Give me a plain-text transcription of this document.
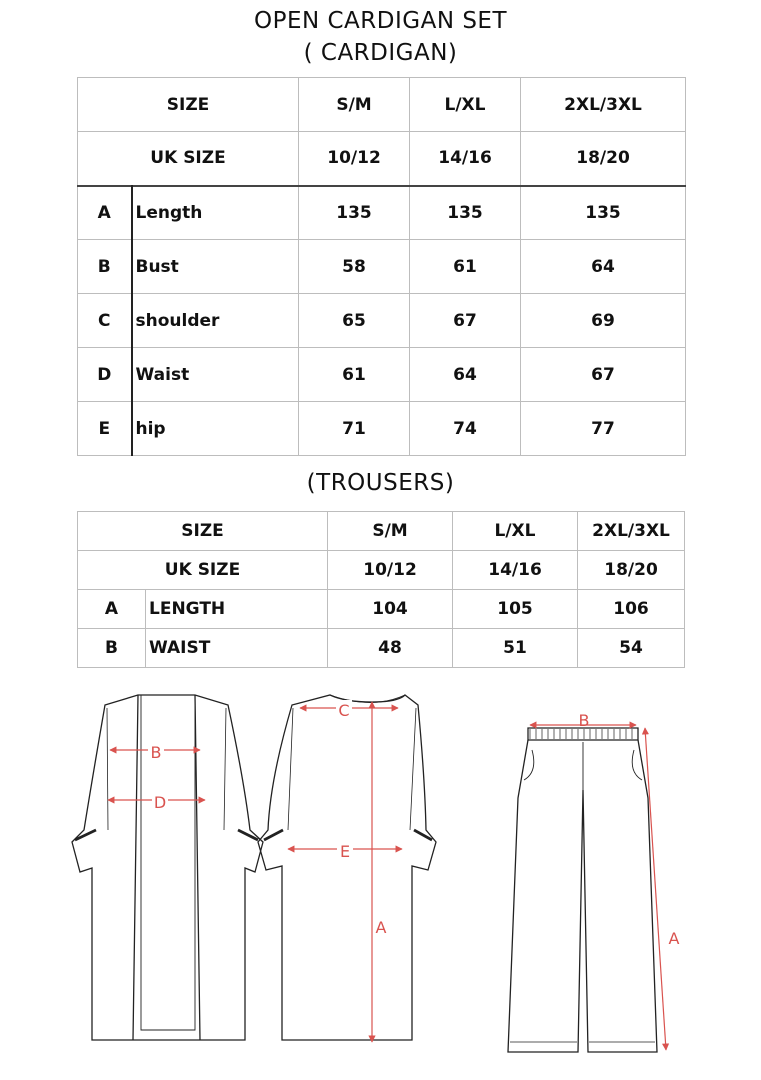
OPEN CARDIGAN SET
( CARDIGAN)
SIZE		S/M	L/XL	2XL/3XL
UK SIZE		10/12	14/16	18/20
A	Length	135	135	135
B	Bust	58	61	64
C	shoulder	65	67	69
D	Waist	61	64	67
E	hip	71	74	77
(TROUSERS)
SIZE		S/M	L/XL	2XL/3XL
UK SIZE		10/12	14/16	18/20
A	LENGTH	104	105	106
B	WAIST	48	51	54
B
D
C
E
A
B
A
